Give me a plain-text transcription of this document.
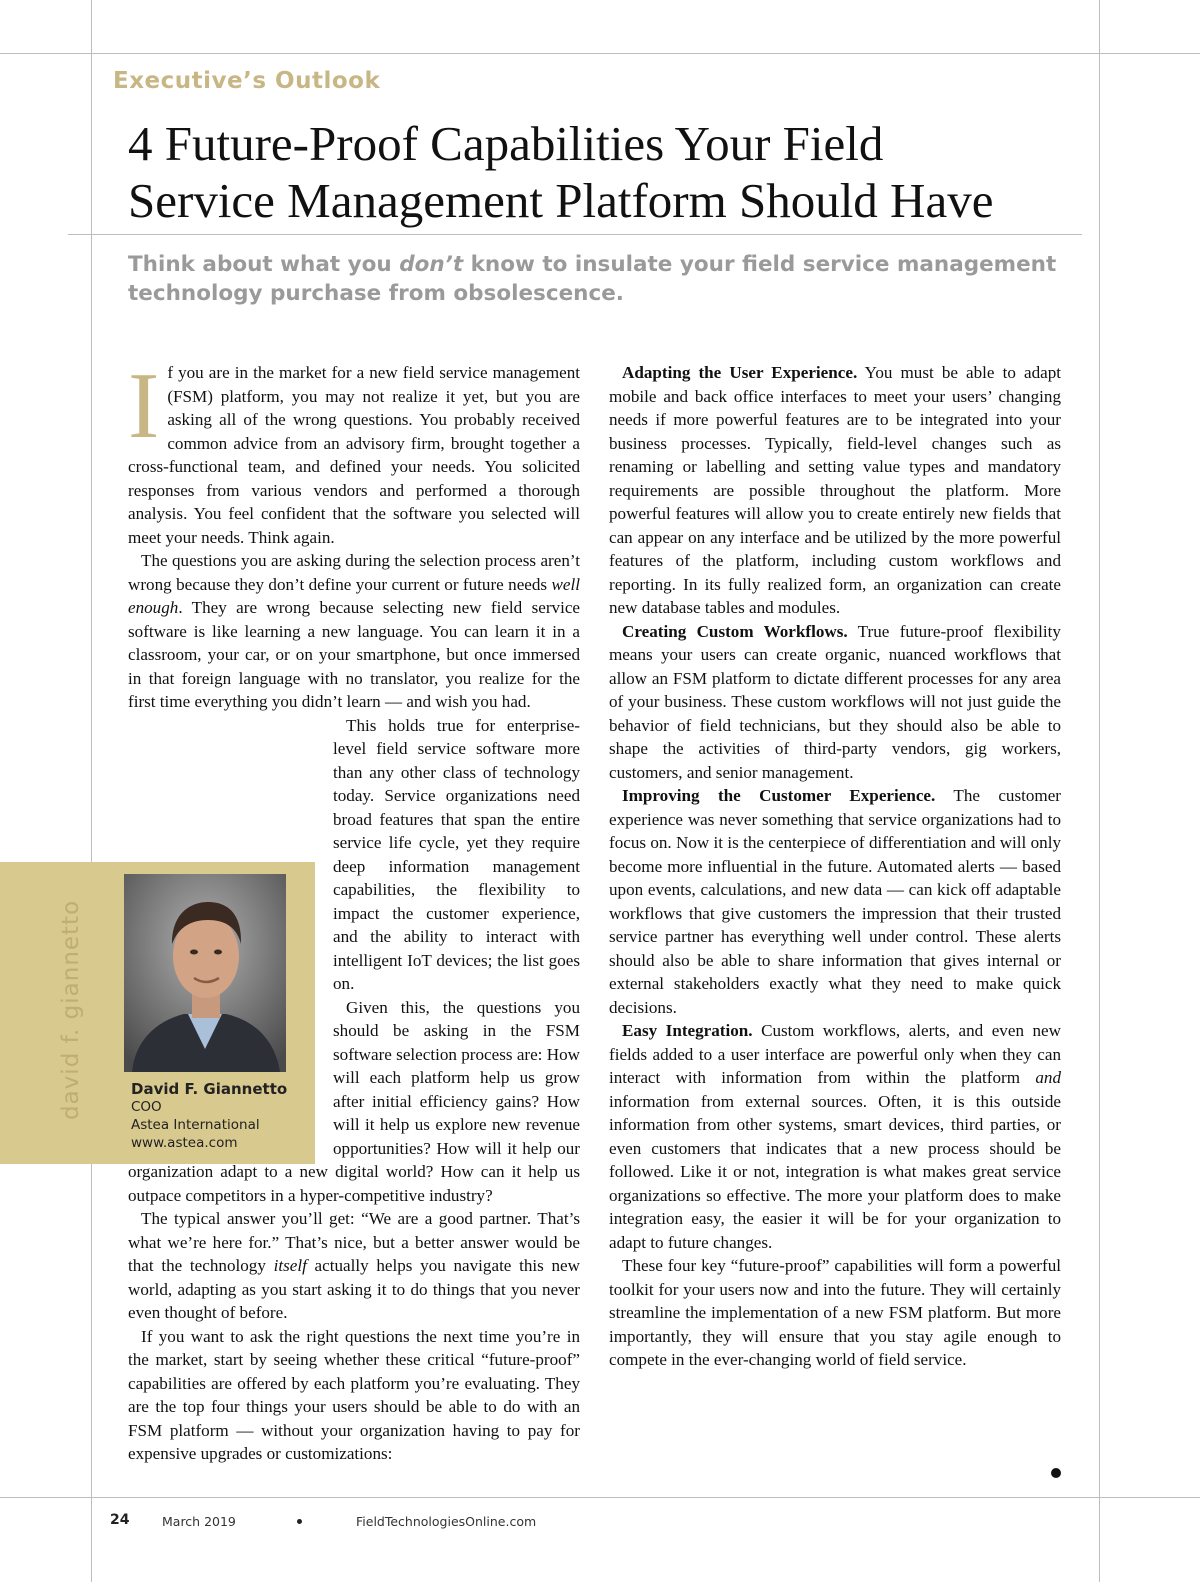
Executive’s Outlook
4 Future-Proof Capabilities Your Field
Service Management Platform Should Have
Think about what you don’t know to insulate your field service management technology purchase from obsolescence.
david f. giannetto	David F. Giannetto
COO
Astea International
www.astea.com

If you are in the market for a new field service management (FSM) platform, you may not realize it yet, but you are asking all of the wrong questions. You probably received common advice from an advisory firm, brought together a cross-functional team, and defined your needs. You solicited responses from various vendors and performed a thorough analysis. You feel confident that the software you selected will meet your needs. Think again.

The questions you are asking during the selection process aren’t wrong because they don’t define your current or future needs well enough. They are wrong because selecting new field service software is like learning a new language. You can learn it in a classroom, your car, or on your smartphone, but once immersed in that foreign language with no translator, you realize for the first time everything you didn’t learn — and wish you had.

This holds true for enterprise-level field service software more than any other class of technology today. Service organizations need broad features that span the entire service life cycle, yet they require deep information management capabilities, the flexibility to impact the customer experience, and the ability to interact with intelligent IoT devices; the list goes on.

Given this, the questions you should be asking in the FSM software selection process are: How will each platform help us grow after initial efficiency gains? How will it help us explore new revenue opportunities? How will it help our organization adapt to a new digital world? How can it help us outpace competitors in a hyper-competitive industry?

The typical answer you’ll get: “We are a good partner. That’s what we’re here for.” That’s nice, but a better answer would be that the technology itself actually helps you navigate this new world, adapting as you start asking it to do things that you never even thought of before.

If you want to ask the right questions the next time you’re in the market, start by seeing whether these critical “future-proof” capabilities are offered by each platform you’re evaluating. They are the top four things your users should be able to do with an FSM platform — without your organization having to pay for expensive upgrades or customizations:

Adapting the User Experience. You must be able to adapt mobile and back office interfaces to meet your users’ changing needs if more powerful features are to be integrated into your business processes. Typically, field-level changes such as renaming or labelling and setting value types and mandatory requirements are possible throughout the platform. More powerful features will allow you to create entirely new fields that can appear on any interface and be utilized by the more powerful features of the platform, including custom workflows and reporting. In its fully realized form, an organization can create new database tables and modules.

Creating Custom Workflows. True future-proof flexibility means your users can create organic, nuanced workflows that allow an FSM platform to dictate different processes for any area of your business. These custom workflows will not just guide the behavior of field technicians, but they should also be able to shape the activities of third-party vendors, gig workers, customers, and senior management.

Improving the Customer Experience. The customer experience was never something that service organizations had to focus on. Now it is the centerpiece of differentiation and will only become more influential in the future. Automated alerts — based upon events, calculations, and new data — can kick off adaptable workflows that give customers the impression that their trusted service partner has everything well under control. These alerts should also be able to share information that gives internal or external stakeholders exactly what they need to make quick decisions.

Easy Integration. Custom workflows, alerts, and even new fields added to a user interface are powerful only when they can interact with information from within the platform and information from external sources. Often, it is this outside information from other systems, smart devices, third parties, or even customers that indicates that a new process should be followed. Like it or not, integration is what makes great service organizations so effective. The more your platform does to make integration easy, the easier it will be for your organization to adapt to future changes.

These four key “future-proof” capabilities will form a powerful toolkit for your users now and into the future. They will certainly streamline the implementation of a new FSM platform. But more importantly, they will ensure that you stay agile enough to compete in the ever-changing world of field service.

24	March 2019	FieldTechnologiesOnline.com
